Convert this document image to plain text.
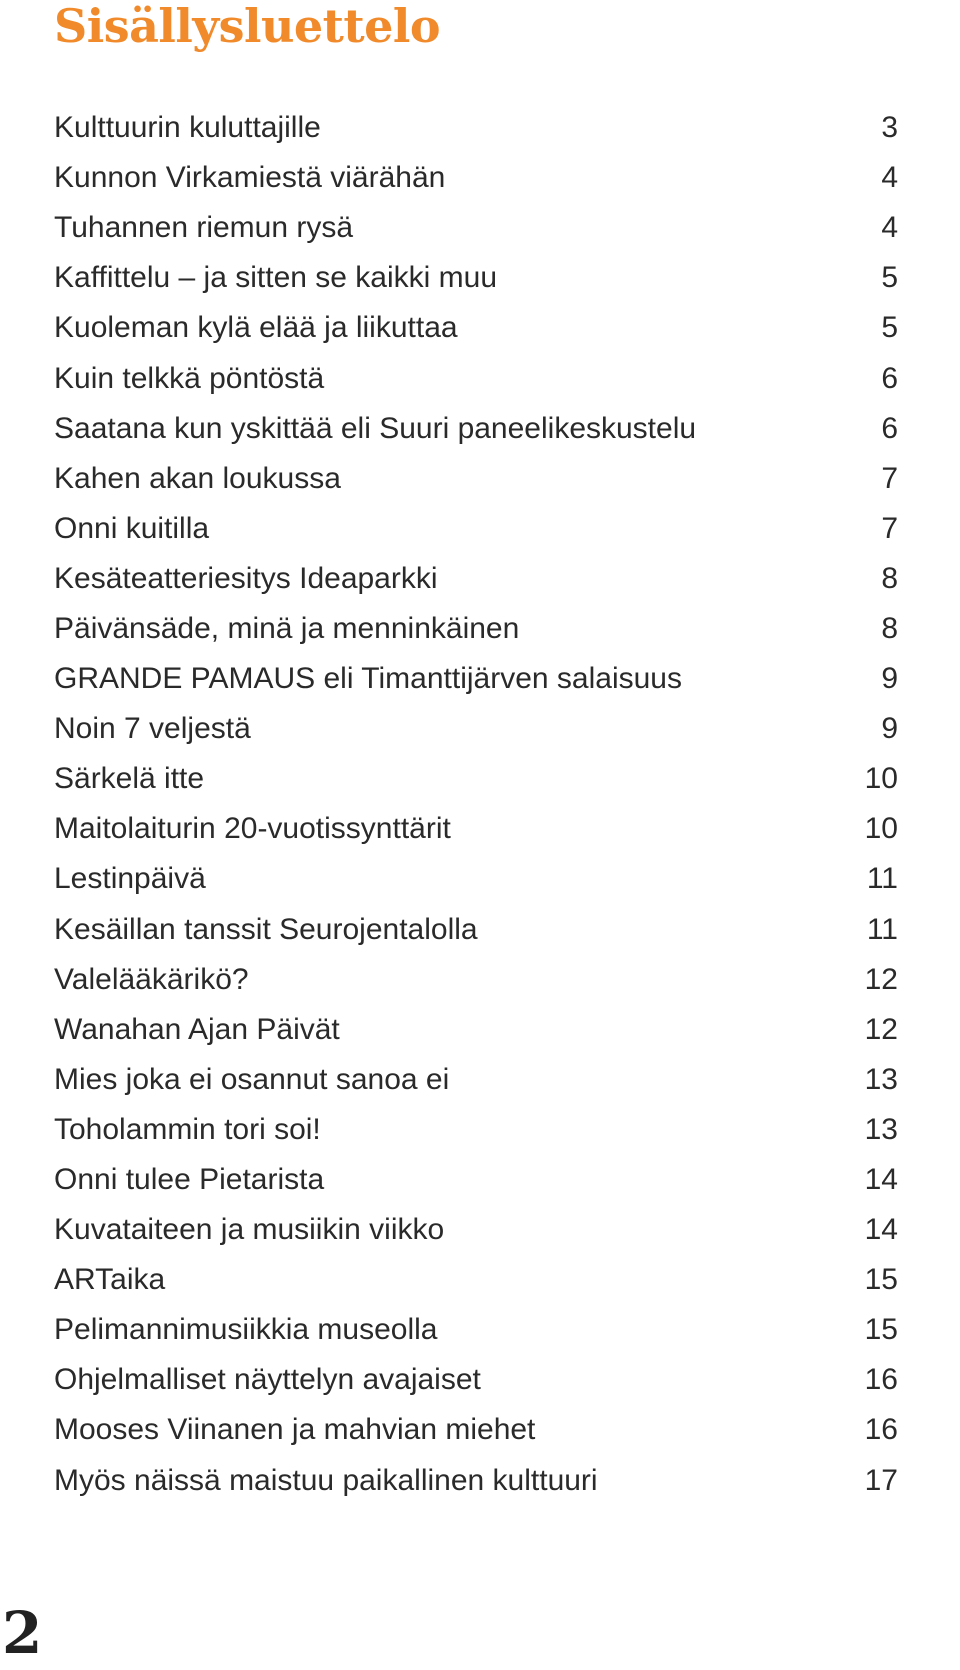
Sisällysluettelo
Kulttuurin kuluttajille	3
Kunnon Virkamiestä viärähän	4
Tuhannen riemun rysä	4
Kaffittelu – ja sitten se kaikki muu	5
Kuoleman kylä elää ja liikuttaa	5
Kuin telkkä pöntöstä	6
Saatana kun yskittää eli Suuri paneelikeskustelu	6
Kahen akan loukussa	7
Onni kuitilla	7
Kesäteatteriesitys Ideaparkki	8
Päivänsäde, minä ja menninkäinen	8
GRANDE PAMAUS eli Timanttijärven salaisuus	9
Noin 7 veljestä	9
Särkelä itte	10
Maitolaiturin 20-vuotissynttärit	10
Lestinpäivä	11
Kesäillan tanssit Seurojentalolla	11
Valelääkärikö?	12
Wanahan Ajan Päivät	12
Mies joka ei osannut sanoa ei	13
Toholammin tori soi!	13
Onni tulee Pietarista	14
Kuvataiteen ja musiikin viikko	14
ARTaika	15
Pelimannimusiikkia museolla	15
Ohjelmalliset näyttelyn avajaiset	16
Mooses Viinanen ja mahvian miehet	16
Myös näissä maistuu paikallinen kulttuuri	17
2
